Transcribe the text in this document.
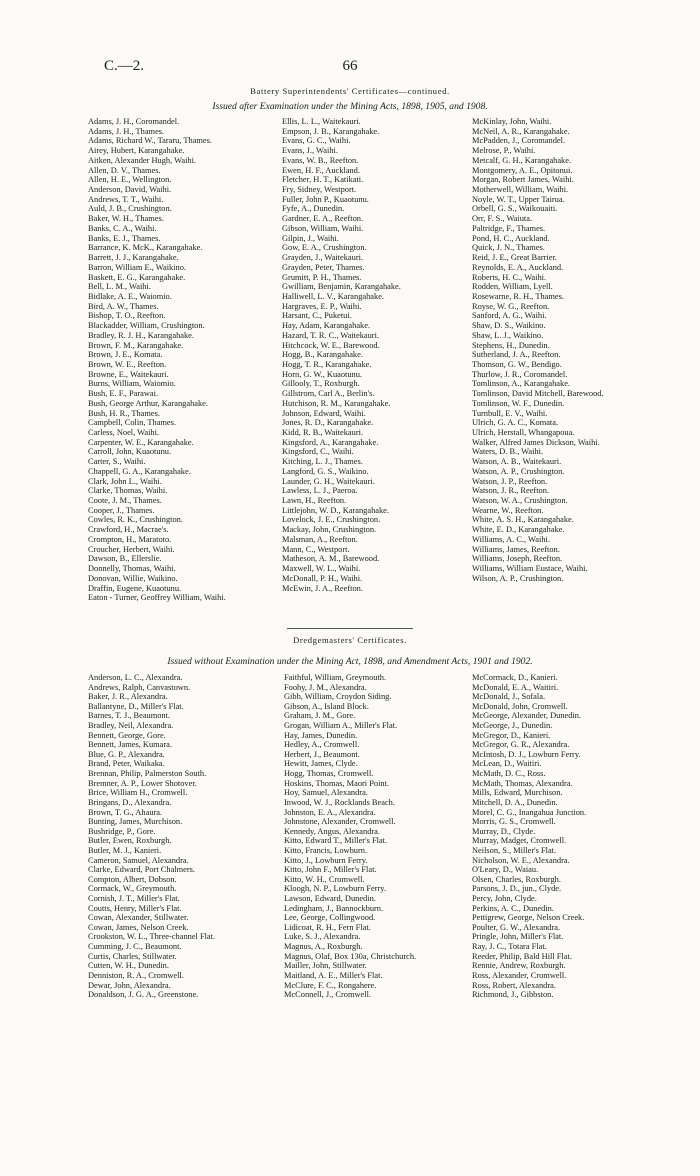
C.—2.	66
Battery Superintendents' Certificates—continued.
Issued after Examination under the Mining Acts, 1898, 1905, and 1908.
Adams, J. H., Coromandel.
Adams, J. H., Thames.
Adams, Richard W., Tararu, Thames.
Airey, Hubert, Karangahake.
Aitken, Alexander Hugh, Waihi.
Allen, D. V., Thames.
Allen, H. E., Wellington.
Anderson, David, Waihi.
Andrews, T. T., Waihi.
Auld, J. B., Crushington.
Baker, W. H., Thames.
Banks, C. A., Waihi.
Banks, E. J., Thames.
Barrance, K. McK., Karangahake.
Barrett, J. J., Karangahake.
Barron, William E., Waikino.
Baskett, E. G., Karangahake.
Bell, L. M., Waihi.
Bidlake, A. E., Waiomio.
Bird, A. W., Thames.
Bishop, T. O., Reefton.
Blackadder, William, Crushington.
Bradley, R. J. H., Karangahake.
Brown, F. M., Karangahake.
Brown, J. E., Komata.
Brown, W. E., Reefton.
Browne, E., Waitekauri.
Burns, William, Waiomio.
Bush, E. F., Parawai.
Bush, George Arthur, Karangahake.
Bush, H. R., Thames.
Campbell, Colin, Thames.
Carless, Noel, Waihi.
Carpenter, W. E., Karangahake.
Carroll, John, Kuaotunu.
Carter, S., Waihi.
Chappell, G. A., Karangahake.
Clark, John L., Waihi.
Clarke, Thomas, Waihi.
Coote, J. M., Thames.
Cooper, J., Thames.
Cowles, R. K., Crushington.
Crawford, H., Macrae's.
Crompton, H., Maratoto.
Croucher, Herbert, Waihi.
Dawson, B., Ellerslie.
Donnelly, Thomas, Waihi.
Donovan, Willie, Waikino.
Draffin, Eugene, Kuaotunu.
Eaton - Turner, Geoffrey William, Waihi.
Ellis, L. L., Waitekauri.
Empson, J. B., Karangahake.
Evans, G. C., Waihi.
Evans, J., Waihi.
Evans, W. B., Reefton.
Ewen, H. F., Auckland.
Fletcher, H. T., Katikati.
Fry, Sidney, Westport.
Fuller, John P., Kuaotunu.
Fyfe, A., Dunedin.
Gardner, E. A., Reefton.
Gibson, William, Waihi.
Gilpin, J., Waihi.
Gow, E. A., Crushington.
Grayden, J., Waitekauri.
Grayden, Peter, Thames.
Grumitt, P. H., Thames.
Gwilliam, Benjamin, Karangahake.
Halliwell, L. V., Karangahake.
Hargraves, E. P., Waihi.
Harsant, C., Puketui.
Hay, Adam, Karangahake.
Hazard, T. R. C., Waitekauri.
Hitchcock, W. E., Barewood.
Hogg, B., Karangahake.
Hogg, T. R., Karangahake.
Horn, G. W., Kuaotunu.
Gillooly, T., Roxburgh.
Gillstrom, Carl A., Berlin's.
Hutchison, R. M., Karangahake.
Johnson, Edward, Waihi.
Jones, R. D., Karangahake.
Kidd, R. B., Waitekauri.
Kingsford, A., Karangahake.
Kingsford, C., Waihi.
Kitching, L. J., Thames.
Langford, G. S., Waikino.
Launder, G. H., Waitekauri.
Lawless, L. J., Paeroa.
Lawn, H., Reefton.
Littlejohn, W. D., Karangahake.
Lovelock, J. E., Crushington.
Mackay, John, Crushington.
Malsman, A., Reefton.
Mann, C., Westport.
Matheson, A. M., Barewood.
Maxwell, W. L., Waihi.
McDonall, P. H., Waihi.
McEwin, J. A., Reefton.
McKinlay, John, Waihi.
McNeil, A. R., Karangahake.
McPadden, J., Coromandel.
Melrose, P., Waihi.
Metcalf, G. H., Karangahake.
Montgomery, A. E., Opitonui.
Morgan, Robert James, Waihi.
Motherwell, William, Waihi.
Noyle, W. T., Upper Tairua.
Orbell, G. S., Waikouaiti.
Orr, F. S., Waiuta.
Paltridge, F., Thames.
Pond, H. C., Auckland.
Quick, J. N., Thames.
Reid, J. E., Great Barrier.
Reynolds, E. A., Auckland.
Roberts, H. C., Waihi.
Rodden, William, Lyell.
Rosewarne, R. H., Thames.
Royse, W. G., Reefton.
Sanford, A. G., Waihi.
Shaw, D. S., Waikino.
Shaw, L. J., Waikino.
Stephens, H., Dunedin.
Sutherland, J. A., Reefton.
Thomson, G. W., Bendigo.
Thurlow, J. R., Coromandel.
Tomlinson, A., Karangahake.
Tomlinson, David Mitchell, Barewood.
Tomlinson, W. F., Dunedin.
Turnbull, E. V., Waihi.
Ulrich, G. A. C., Komata.
Ulrich, Herstall, Whangapoua.
Walker, Alfred James Dickson, Waihi.
Waters, D. B., Waihi.
Watson, A. B., Waitekauri.
Watson, A. P., Crushington.
Watson, J. P., Reefton.
Watson, J. R., Reefton.
Watson, W. A., Crushington.
Wearne, W., Reefton.
White, A. S. H., Karangahake.
White, E. D., Karangahake.
Williams, A. C., Waihi.
Williams, James, Reefton.
Williams, Joseph, Reefton.
Williams, William Eustace, Waihi.
Wilson, A. P., Crushington.
Dredgemasters' Certificates.
Issued without Examination under the Mining Act, 1898, and Amendment Acts, 1901 and 1902.
Anderson, L. C., Alexandra.
Andrews, Ralph, Canvastown.
Baker, J. R., Alexandra.
Ballantyne, D., Miller's Flat.
Barnes, T. J., Beaumont.
Bradley, Neil, Alexandra.
Bennett, George, Gore.
Bennett, James, Kumara.
Blue, G. P., Alexandra.
Brand, Peter, Waikaka.
Brennan, Philip, Palmerston South.
Bremner, A. P., Lower Shotover.
Brice, William H., Cromwell.
Bringans, D., Alexandra.
Brown, T. G., Ahaura.
Bunting, James, Murchison.
Bushridge, P., Gore.
Butler, Ewen, Roxburgh.
Butler, M. J., Kanieri.
Cameron, Samuel, Alexandra.
Clarke, Edward, Port Chalmers.
Compton, Albert, Dobson.
Cormack, W., Greymouth.
Cornish, J. T., Miller's Flat.
Coutts, Henry, Miller's Flat.
Cowan, Alexander, Stillwater.
Cowan, James, Nelson Creek.
Crookston, W. L., Three-channel Flat.
Cumming, J. C., Beaumont.
Curtis, Charles, Stillwater.
Cutten, W. H., Dunedin.
Denniston, R. A., Cromwell.
Dewar, John, Alexandra.
Donaldson, J. G. A., Greenstone.
Faithful, William, Greymouth.
Foohy, J. M., Alexandra.
Gibb, William, Croydon Siding.
Gibson, A., Island Block.
Graham, J. M., Gore.
Grogan, William A., Miller's Flat.
Hay, James, Dunedin.
Hedley, A., Cromwell.
Herbert, J., Beaumont.
Hewitt, James, Clyde.
Hogg, Thomas, Cromwell.
Hoskins, Thomas, Maori Point.
Hoy, Samuel, Alexandra.
Inwood, W. J., Rocklands Beach.
Johnston, E. A., Alexandra.
Johnstone, Alexander, Cromwell.
Kennedy, Angus, Alexandra.
Kitto, Edward T., Miller's Flat.
Kitto, Francis, Lowburn.
Kitto, J., Lowburn Ferry.
Kitto, John F., Miller's Flat.
Kitto, W. H., Cromwell.
Kloogh, N. P., Lowburn Ferry.
Lawson, Edward, Dunedin.
Ledingham, J., Bannockburn.
Lee, George, Collingwood.
Lidicoat, R. H., Fern Flat.
Luke, S. J., Alexandra.
Magnus, A., Roxburgh.
Magnus, Olaf, Box 130a, Christchurch.
Mailler, John, Stillwater.
Maitland, A. E., Miller's Flat.
McClure, F. C., Rongahere.
McConnell, J., Cromwell.
McCormack, D., Kanieri.
McDonald, E. A., Waitiri.
McDonald, J., Sofala.
McDonald, John, Cromwell.
McGeorge, Alexander, Dunedin.
McGeorge, J., Dunedin.
McGregor, D., Kanieri.
McGregor, G. R., Alexandra.
McIntosh, D. J., Lowburn Ferry.
McLean, D., Waitiri.
McMath, D. C., Ross.
McMath, Thomas, Alexandra.
Mills, Edward, Murchison.
Mitchell, D. A., Dunedin.
Morel, C. G., Inangahua Junction.
Morris, G. S., Cromwell.
Murray, D., Clyde.
Murray, Madget, Cromwell.
Neilson, S., Miller's Flat.
Nicholson, W. E., Alexandra.
O'Leary, D., Waiau.
Olsen, Charles, Roxburgh.
Parsons, J. D., jun., Clyde.
Percy, John, Clyde.
Perkins, A. C., Dunedin.
Pettigrew, George, Nelson Creek.
Poulter, G. W., Alexandra.
Pringle, John, Miller's Flat.
Ray, J. C., Totara Flat.
Reeder, Philip, Bald Hill Flat.
Rennie, Andrew, Roxburgh.
Ross, Alexander, Cromwell.
Ross, Robert, Alexandra.
Richmond, J., Gibbston.
